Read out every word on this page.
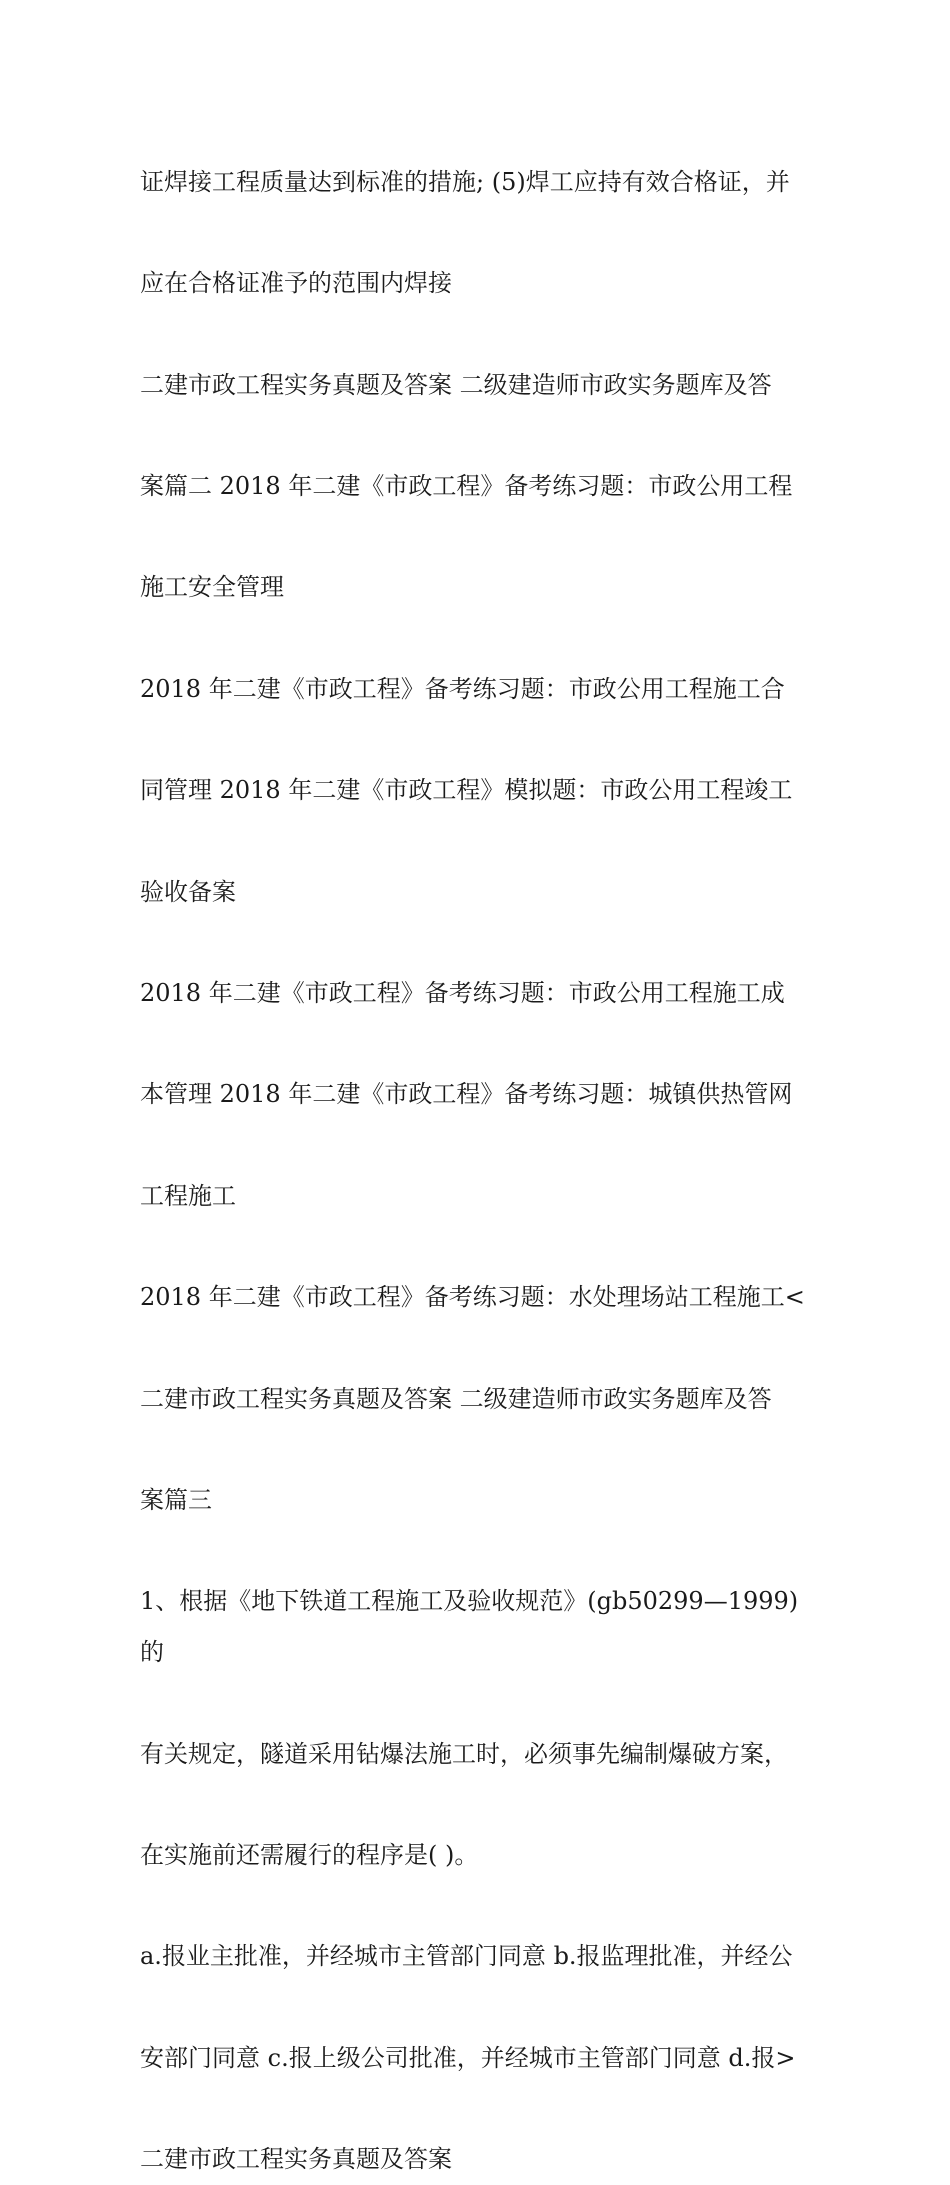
证焊接工程质量达到标准的措施; (5)焊工应持有效合格证，并

应在合格证准予的范围内焊接

二建市政工程实务真题及答案 二级建造师市政实务题库及答

案篇二 2018 年二建《市政工程》备考练习题：市政公用工程

施工安全管理

2018 年二建《市政工程》备考练习题：市政公用工程施工合

同管理 2018 年二建《市政工程》模拟题：市政公用工程竣工

验收备案

2018 年二建《市政工程》备考练习题：市政公用工程施工成

本管理 2018 年二建《市政工程》备考练习题：城镇供热管网

工程施工

2018 年二建《市政工程》备考练习题：水处理场站工程施工<

二建市政工程实务真题及答案 二级建造师市政实务题库及答

案篇三

1、根据《地下铁道工程施工及验收规范》(gb50299—1999)的

有关规定，隧道采用钻爆法施工时，必须事先编制爆破方案，

在实施前还需履行的程序是( )。

a.报业主批准，并经城市主管部门同意 b.报监理批准，并经公

安部门同意 c.报上级公司批准，并经城市主管部门同意 d.报>

二建市政工程实务真题及答案
